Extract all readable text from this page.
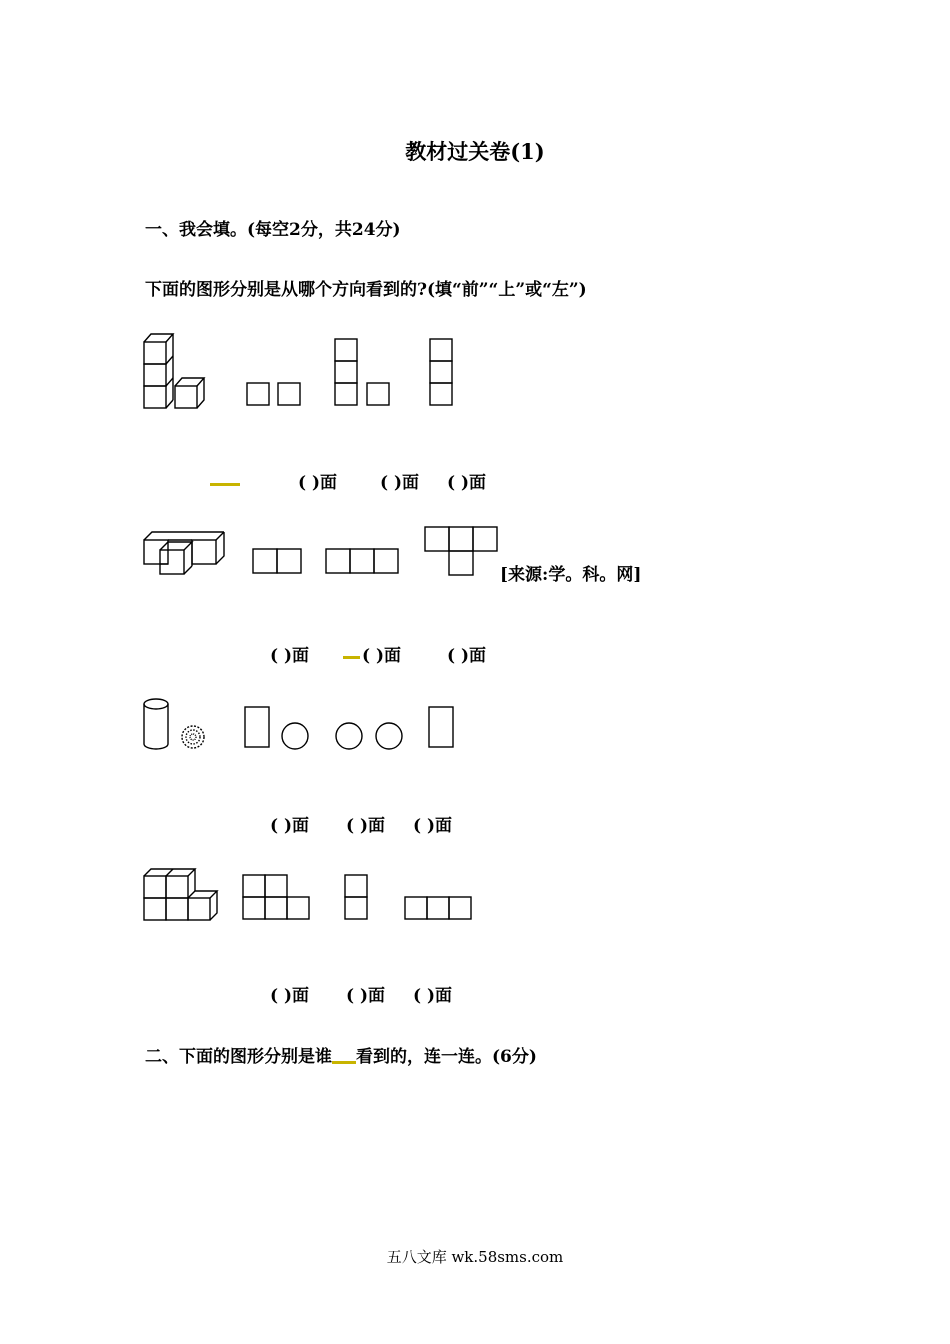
教材过关卷(1)
一、我会填。(每空2分，共24分)
下面的图形分别是从哪个方向看到的?(填“前”“上”或“左”)
( )面	( )面 ( )面
[来源:学。科。网]
( )面	( )面	( )面
( )面 ( )面 ( )面
( )面 ( )面 ( )面
二、下面的图形分别是谁 看到的，连一连。(6分)
五八文库 wk.58sms.com
